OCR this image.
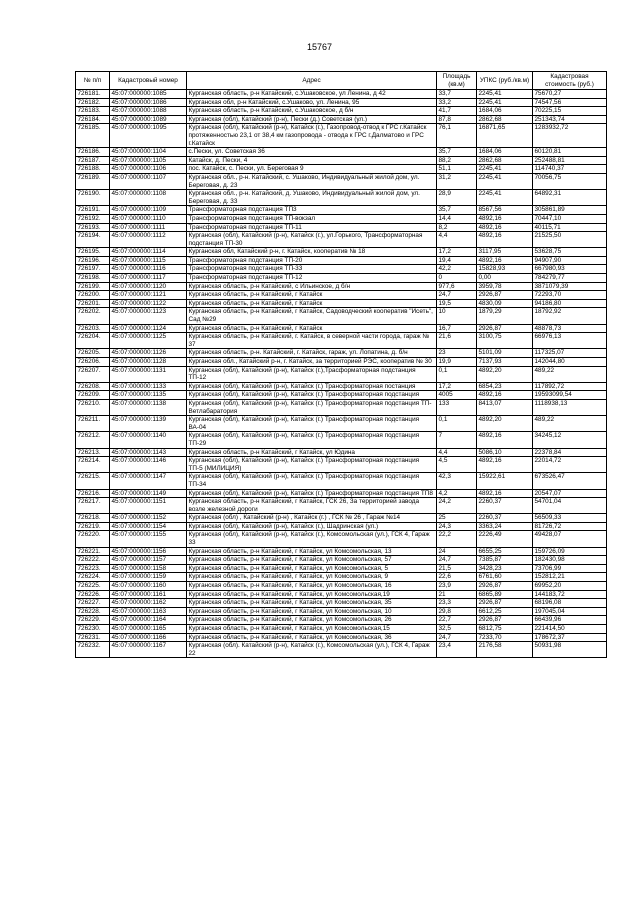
15767
№ п/п	Кадастровый номер	Адрес	Площадь (кв.м)	УПКС (руб./кв.м)	Кадастровая стоимость (руб.)
726181.	45:07:000000:1085	Курганская область, р-н Катайский, с.Ушаковское, ул Ленина, д 42	33,7	2245,41	75670,27
726182.	45:07:000000:1086	Курганская обл, р-н Катайский, с.Ушаково, ул. Ленина, 95	33,2	2245,41	74547,56
726183.	45:07:000000:1088	Курганская область, р-н Катайский, с.Ушаковское, д б/н	41,7	1684,06	70225,15
726184.	45:07:000000:1089	Курганская (обл), Катайский (р-н), Пески (д.) Советская (ул.)	87,8	2862,68	251343,74
726185.	45:07:000000:1095	Курганская (обл), Катайский (р-н), Катайск (г.), Газопровод-отвод к ГРС г.Катайск протяженностью 23,1 от 38,4 км газопровода - отвода к ГРС г.Далматово и ГРС г.Катайск	76,1	16871,65	1283932,72
726186.	45:07:000000:1104	с.Пески, ул. Советская 36	35,7	1684,06	60120,81
726187.	45:07:000000:1105	Катайск, д. Пески, 4	88,2	2862,68	252488,81
726188.	45:07:000000:1106	пос. Катайск, с. Пески, ул. Береговая 9	51,1	2245,41	114740,37
726189.	45:07:000000:1107	Курганская обл., р-н. Катайский, с. Ушаково, Индивидуальный жилой дом, ул. Береговая, д. 23	31,2	2245,41	70056,75
726190.	45:07:000000:1108	Курганская обл., р-н. Катайский, д. Ушаково, Индивидуальный жилой дом, ул. Береговая, д. 33	28,9	2245,41	64892,31
726191.	45:07:000000:1109	Трансформаторная подстанция ТП3	35,7	8567,56	305861,89
726192.	45:07:000000:1110	Трансформаторная подстанция ТП-вокзал	14,4	4892,16	70447,10
726193.	45:07:000000:1111	Трансформаторная подстанция ТП-11	8,2	4892,16	40115,71
726194.	45:07:000000:1112	Курганская (обл), Катайский (р-н), Катайск (г.), ул.Горького, Трансформаторная подстанция ТП-30	4,4	4892,16	21525,50
726195.	45:07:000000:1114	Курганская обл, Катайский р-н, г. Катайск, кооператив № 18	17,2	3117,95	53628,75
726196.	45:07:000000:1115	Трансформаторная подстанция ТП-20	19,4	4892,16	94907,90
726197.	45:07:000000:1116	Трансформаторная подстанция ТП-33	42,2	15828,93	667980,93
726198.	45:07:000000:1117	Трансформаторная подстанция ТП-12	0	0,00	784279,77
726199.	45:07:000000:1120	Курганская область, р-н Катайский, с Ильинское, д б/н	977,6	3959,78	3871079,39
726200.	45:07:000000:1121	Курганская область, р-н Катайский, г Катайск	24,7	2926,87	72293,70
726201.	45:07:000000:1122	Курганская область, р-н Катайский, г Катайск	19,5	4830,09	94186,80
726202.	45:07:000000:1123	Курганская область, р-н Катайский, г Катайск, Садоводческий кооператив "Исеть", Сад №29	10	1879,29	18792,92
726203.	45:07:000000:1124	Курганская область, р-н Катайский, г Катайск	16,7	2926,87	48878,73
726204.	45:07:000000:1125	Курганская область, р-н Катайский, г. Катайск, в северной части города, гараж № 37	21,6	3100,75	66976,13
726205.	45:07:000000:1126	Курганская область, р-н. Катайский, г. Катайск, гараж, ул. Лопатина, д. б/н	23	5101,09	117325,07
726206.	45:07:000000:1128	Курганская обл., Катайский р-н, г. Катайск, за территорией РЭС, кооператив № 30	19,9	7137,93	142044,80
726207.	45:07:000000:1131	Курганская (обл), Катайский (р-н), Катайск (г.),Трасформаторная подстанция ТП-12	0,1	4892,20	489,22
726208.	45:07:000000:1133	Курганская (обл), Катайский (р-н), Катайск (г.) Трансформаторная постанция	17,2	6854,23	117892,72
726209.	45:07:000000:1135	Курганская (обл), Катайский (р-н), Катайск (г.) Трансформаторная подстанция	4005	4892,16	19593099,54
726210.	45:07:000000:1138	Курганская (обл), Катайский (р-н), Катайск (г.) Трансформаторная подстанция ТП-Ветлабаратория	133	8413,07	1118938,13
726211.	45:07:000000:1139	Курганская (обл), Катайский (р-н), Катайск (г.) Трансформаторная подстанция ВА-04	0,1	4892,20	489,22
726212.	45:07:000000:1140	Курганская (обл), Катайский (р-н), Катайск (г.) Трансформаторная подстанция ТП-29	7	4892,16	34245,12
726213.	45:07:000000:1143	Курганская область, р-н Катайский, г Катайск, ул Юдина	4,4	5086,10	22378,84
726214.	45:07:000000:1146	Курганская (обл), Катайский (р-н), Катайск (г.) Трансформаторная подстанция ТП-5 (МИЛИЦИЯ)	4,5	4892,16	22014,72
726215.	45:07:000000:1147	Курганская (обл), Катайский (р-н), Катайск (г.) Трансформаторная подстанция ТП-34	42,3	15922,61	673526,47
726216.	45:07:000000:1149	Курганская (обл), Катайский (р-н), Катайск (г.) Трансформаторная подстанция ТП8	4,2	4892,16	20547,07
726217.	45:07:000000:1151	Курганская область, р-н Катайский, г Катайск, ГСК 26, За территорией завода возле железной дороги	24,2	2260,37	54701,04
726218.	45:07:000000:1152	Курганская (обл) , Катайский (р-н) , Катайск (г.) , ГСК № 26 , Гараж №14	25	2260,37	56509,33
726219.	45:07:000000:1154	Курганская (обл), Катайский (р-н), Катайск (г.), Шадринская (ул.)	24,3	3363,24	81726,72
726220.	45:07:000000:1155	Курганская (обл), Катайский (р-н), Катайск (г.), Комсомольская (ул.), ГСК 4, Гараж 33	22,2	2226,49	49428,07
726221.	45:07:000000:1156	Курганская область, р-н Катайский, г Катайск, ул Комсомольская, 13	24	6655,25	159726,09
726222.	45:07:000000:1157	Курганская область, р-н Катайский, г Катайск, ул Комсомольская, 57	24,7	7385,87	182430,98
726223.	45:07:000000:1158	Курганская область, р-н Катайский, г Катайск, ул Комсомольская, 5	21,5	3428,23	73706,99
726224.	45:07:000000:1159	Курганская область, р-н Катайский, г Катайск, ул Комсомольская, 9	22,6	6761,60	152812,21
726225.	45:07:000000:1160	Курганская область, р-н Катайский, г Катайск, ул Комсомольская, 16	23,9	2926,87	69952,20
726226.	45:07:000000:1161	Курганская область, р-н Катайский, г Катайск, ул Комсомольская,19	21	6865,89	144183,72
726227.	45:07:000000:1162	Курганская область, р-н Катайский, г Катайск, ул Комсомольская, 35	23,3	2926,87	68196,08
726228.	45:07:000000:1163	Курганская область, р-н Катайский, г Катайск, ул Комсомольская, 10	29,8	6612,25	197045,04
726229.	45:07:000000:1164	Курганская область, р-н Катайский, г Катайск, ул Комсомольская, 26	22,7	2926,87	66439,96
726230.	45:07:000000:1165	Курганская область, р-н Катайский, г Катайск, ул Комсомольская,15	32,5	6812,75	221414,50
726231.	45:07:000000:1166	Курганская область, р-н Катайский, г Катайск, ул Комсомольская, 36	24,7	7233,70	178672,37
726232.	45:07:000000:1167	Курганская (обл). Катайский (р-н), Катайск (г.), Комсомольская (ул.), ГСК 4, Гараж 22	23,4	2176,58	50931,98
